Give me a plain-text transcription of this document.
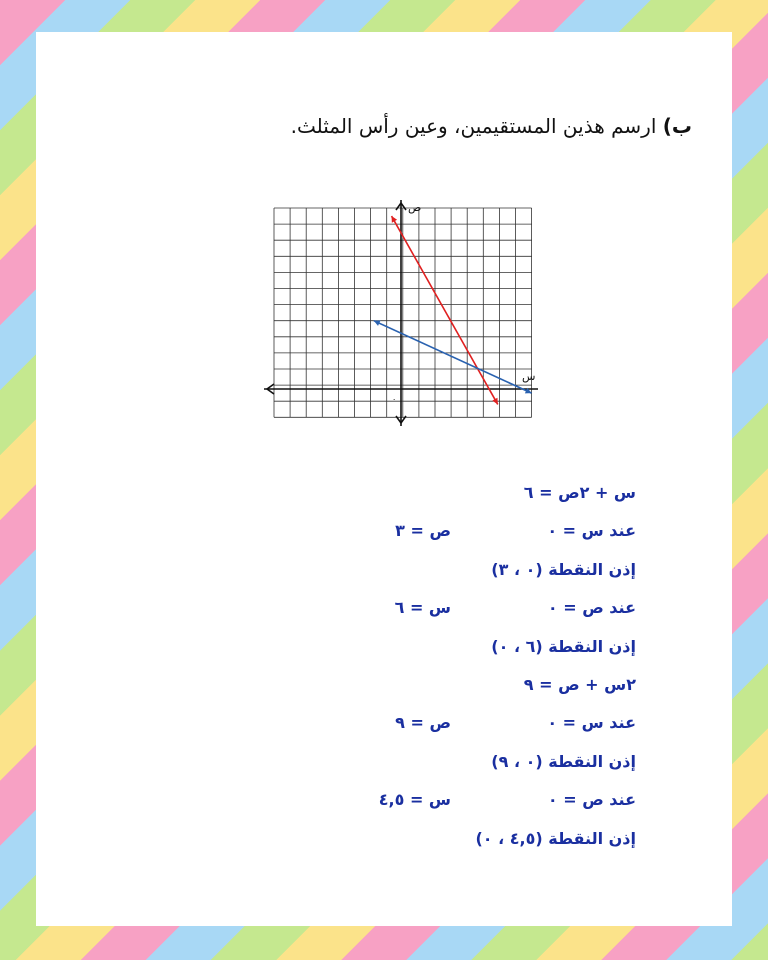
ب) ارسم هذين المستقيمين، وعين رأس المثلث.
س
ص
٠
س + ٢ص = ٦
عند س = ٠
ص = ٣
إذن النقطة (٠ ، ٣)
عند ص = ٠
س = ٦
إذن النقطة (٦ ، ٠)
٢س + ص = ٩
عند س = ٠
ص = ٩
إذن النقطة (٠ ، ٩)
عند ص = ٠
س = ٤,٥
إذن النقطة (٤,٥ ، ٠)
